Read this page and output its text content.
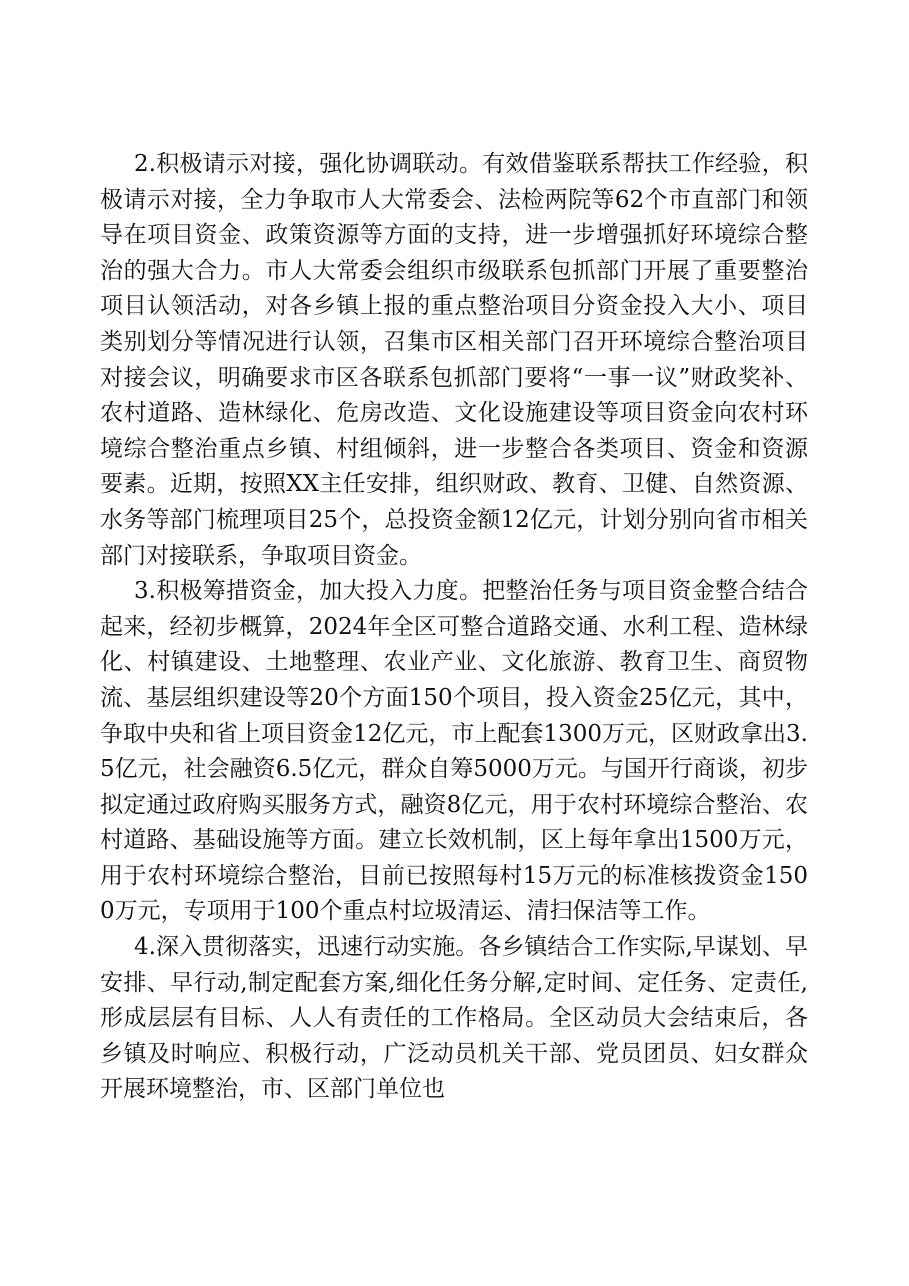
2.积极请示对接，强化协调联动。有效借鉴联系帮扶工作经验，积极请示对接，全力争取市人大常委会、法检两院等62个市直部门和领导在项目资金、政策资源等方面的支持，进一步增强抓好环境综合整治的强大合力。市人大常委会组织市级联系包抓部门开展了重要整治项目认领活动，对各乡镇上报的重点整治项目分资金投入大小、项目类别划分等情况进行认领，召集市区相关部门召开环境综合整治项目对接会议，明确要求市区各联系包抓部门要将“一事一议”财政奖补、农村道路、造林绿化、危房改造、文化设施建设等项目资金向农村环境综合整治重点乡镇、村组倾斜，进一步整合各类项目、资金和资源要素。近期，按照XX主任安排，组织财政、教育、卫健、自然资源、水务等部门梳理项目25个，总投资金额12亿元，计划分别向省市相关部门对接联系，争取项目资金。

3.积极筹措资金，加大投入力度。把整治任务与项目资金整合结合起来，经初步概算，2024年全区可整合道路交通、水利工程、造林绿化、村镇建设、土地整理、农业产业、文化旅游、教育卫生、商贸物流、基层组织建设等20个方面150个项目，投入资金25亿元，其中，争取中央和省上项目资金12亿元，市上配套1300万元，区财政拿出3.5亿元，社会融资6.5亿元，群众自筹5000万元。与国开行商谈，初步拟定通过政府购买服务方式，融资8亿元，用于农村环境综合整治、农村道路、基础设施等方面。建立长效机制，区上每年拿出1500万元，用于农村环境综合整治，目前已按照每村15万元的标准核拨资金1500万元，专项用于100个重点村垃圾清运、清扫保洁等工作。

4.深入贯彻落实，迅速行动实施。各乡镇结合工作实际,早谋划、早安排、早行动,制定配套方案,细化任务分解,定时间、定任务、定责任,形成层层有目标、人人有责任的工作格局。全区动员大会结束后，各乡镇及时响应、积极行动，广泛动员机关干部、党员团员、妇女群众开展环境整治，市、区部门单位也
